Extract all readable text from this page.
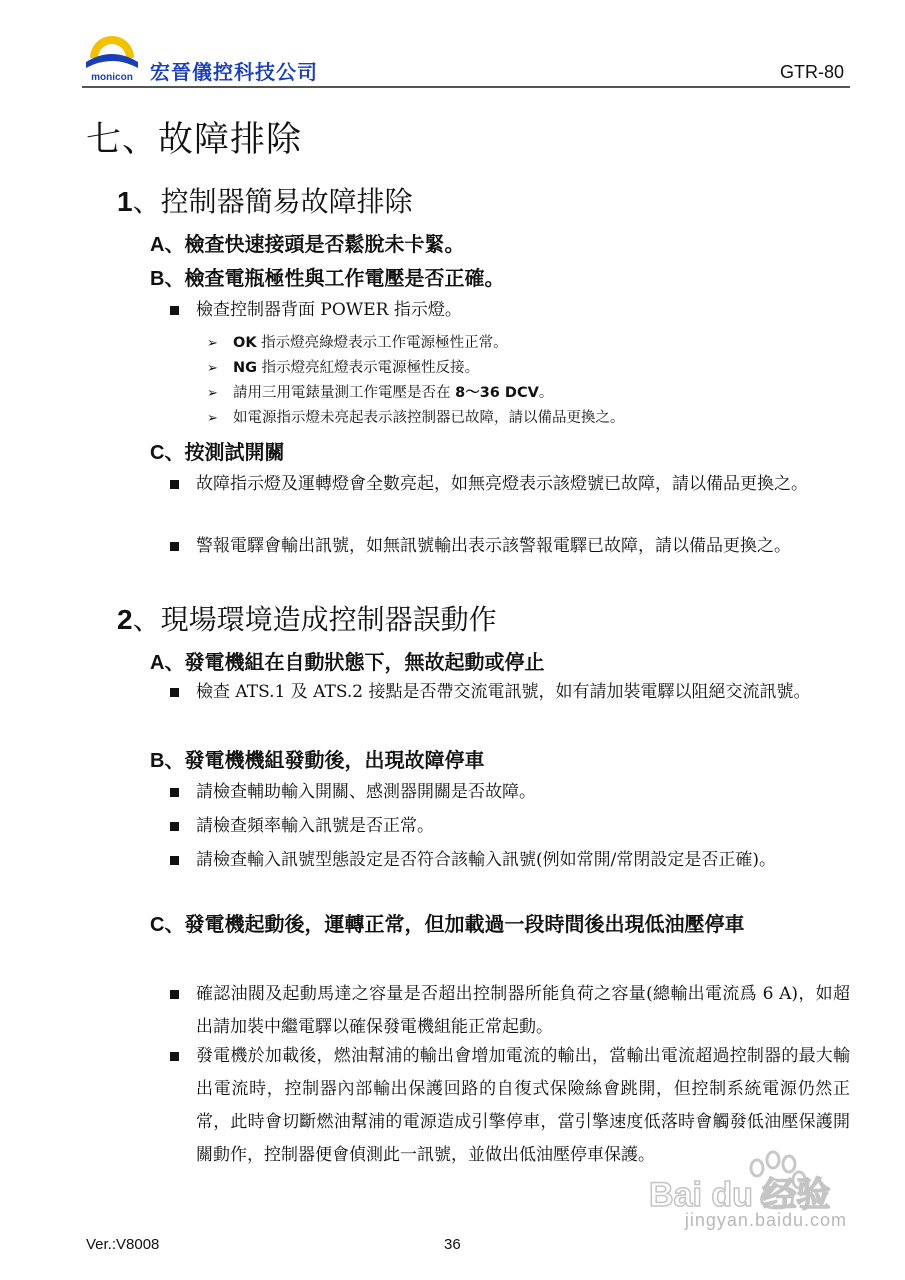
monicon 宏晉儀控科技公司	GTR-80
七、故障排除
1、控制器簡易故障排除
A、檢查快速接頭是否鬆脫未卡緊。
B、檢查電瓶極性與工作電壓是否正確。
檢查控制器背面 POWER 指示燈。
➢ OK 指示燈亮綠燈表示工作電源極性正常。
➢ NG 指示燈亮紅燈表示電源極性反接。
➢ 請用三用電錶量測工作電壓是否在 8～36 DCV。
➢ 如電源指示燈未亮起表示該控制器已故障，請以備品更換之。
C、按測試開關
故障指示燈及運轉燈會全數亮起，如無亮燈表示該燈號已故障，請以備品更換之。
警報電驛會輸出訊號，如無訊號輸出表示該警報電驛已故障，請以備品更換之。
2、現場環境造成控制器誤動作
A、發電機組在自動狀態下，無故起動或停止
檢查 ATS.1 及 ATS.2 接點是否帶交流電訊號，如有請加裝電驛以阻絕交流訊號。
B、發電機機組發動後，出現故障停車
請檢查輔助輸入開關、感測器開關是否故障。
請檢查頻率輸入訊號是否正常。
請檢查輸入訊號型態設定是否符合該輸入訊號(例如常開/常閉設定是否正確)。
C、發電機起動後，運轉正常，但加載過一段時間後出現低油壓停車
確認油閥及起動馬達之容量是否超出控制器所能負荷之容量(總輸出電流爲 6 A)，如超出請加裝中繼電驛以確保發電機組能正常起動。
發電機於加載後，燃油幫浦的輸出會增加電流的輸出，當輸出電流超過控制器的最大輸出電流時，控制器內部輸出保護回路的自復式保險絲會跳開，但控制系統電源仍然正常，此時會切斷燃油幫浦的電源造成引擎停車，當引擎速度低落時會觸發低油壓保護開關動作，控制器便會偵測此一訊號，並做出低油壓停車保護。
Bai du 经验
jingyan.baidu.com
Ver.:V8008	36
